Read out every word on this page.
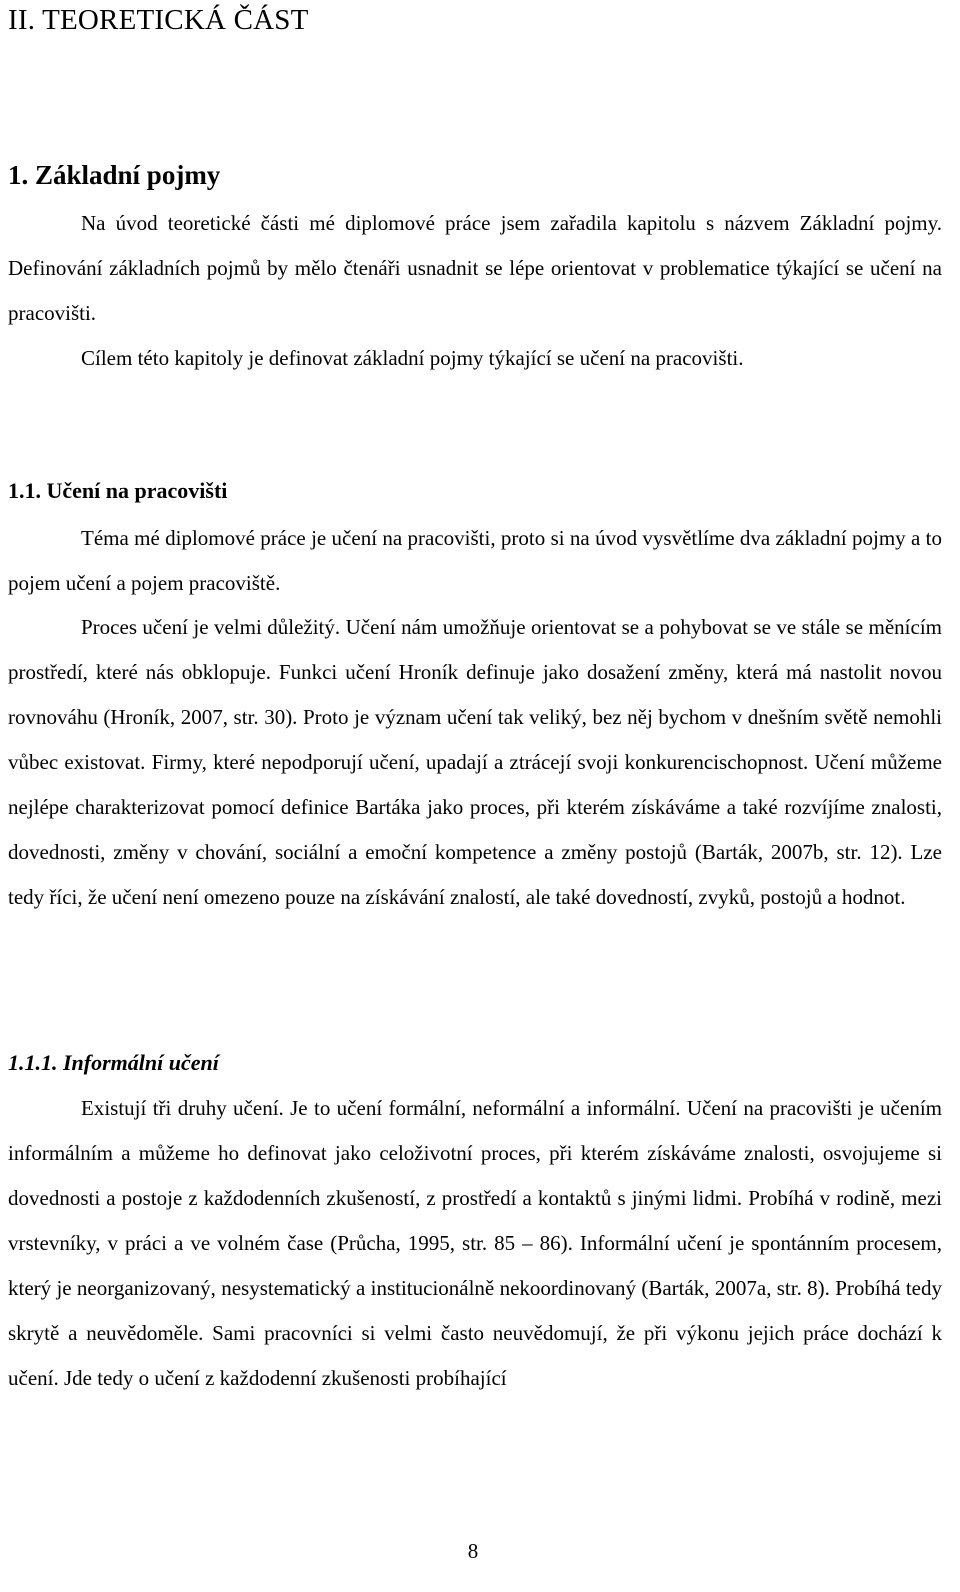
II. TEORETICKÁ ČÁST
1. Základní pojmy

Na úvod teoretické části mé diplomové práce jsem zařadila kapitolu s názvem Základní pojmy. Definování základních pojmů by mělo čtenáři usnadnit se lépe orientovat v problematice týkající se učení na pracovišti.

Cílem této kapitoly je definovat základní pojmy týkající se učení na pracovišti.

1.1. Učení na pracovišti

Téma mé diplomové práce je učení na pracovišti, proto si na úvod vysvětlíme dva základní pojmy a to pojem učení a pojem pracoviště.

Proces učení je velmi důležitý. Učení nám umožňuje orientovat se a pohybovat se ve stále se měnícím prostředí, které nás obklopuje. Funkci učení Hroník definuje jako dosažení změny, která má nastolit novou rovnováhu (Hroník, 2007, str. 30). Proto je význam učení tak veliký, bez něj bychom v dnešním světě nemohli vůbec existovat. Firmy, které nepodporují učení, upadají a ztrácejí svoji konkurencischopnost. Učení můžeme nejlépe charakterizovat pomocí definice Bartáka jako proces, při kterém získáváme a také rozvíjíme znalosti, dovednosti, změny v chování, sociální a emoční kompetence a změny postojů (Barták, 2007b, str. 12). Lze tedy říci, že učení není omezeno pouze na získávání znalostí, ale také dovedností, zvyků, postojů a hodnot.

1.1.1. Informální učení

Existují tři druhy učení. Je to učení formální, neformální a informální. Učení na pracovišti je učením informálním a můžeme ho definovat jako celoživotní proces, při kterém získáváme znalosti, osvojujeme si dovednosti a postoje z každodenních zkušeností, z prostředí a kontaktů s jinými lidmi. Probíhá v rodině, mezi vrstevníky, v práci a ve volném čase (Průcha, 1995, str. 85 – 86). Informální učení je spontánním procesem, který je neorganizovaný, nesystematický a institucionálně nekoordinovaný (Barták, 2007a, str. 8). Probíhá tedy skrytě a neuvědoměle. Sami pracovníci si velmi často neuvědomují, že při výkonu jejich práce dochází k učení. Jde tedy o učení z každodenní zkušenosti probíhající

8
